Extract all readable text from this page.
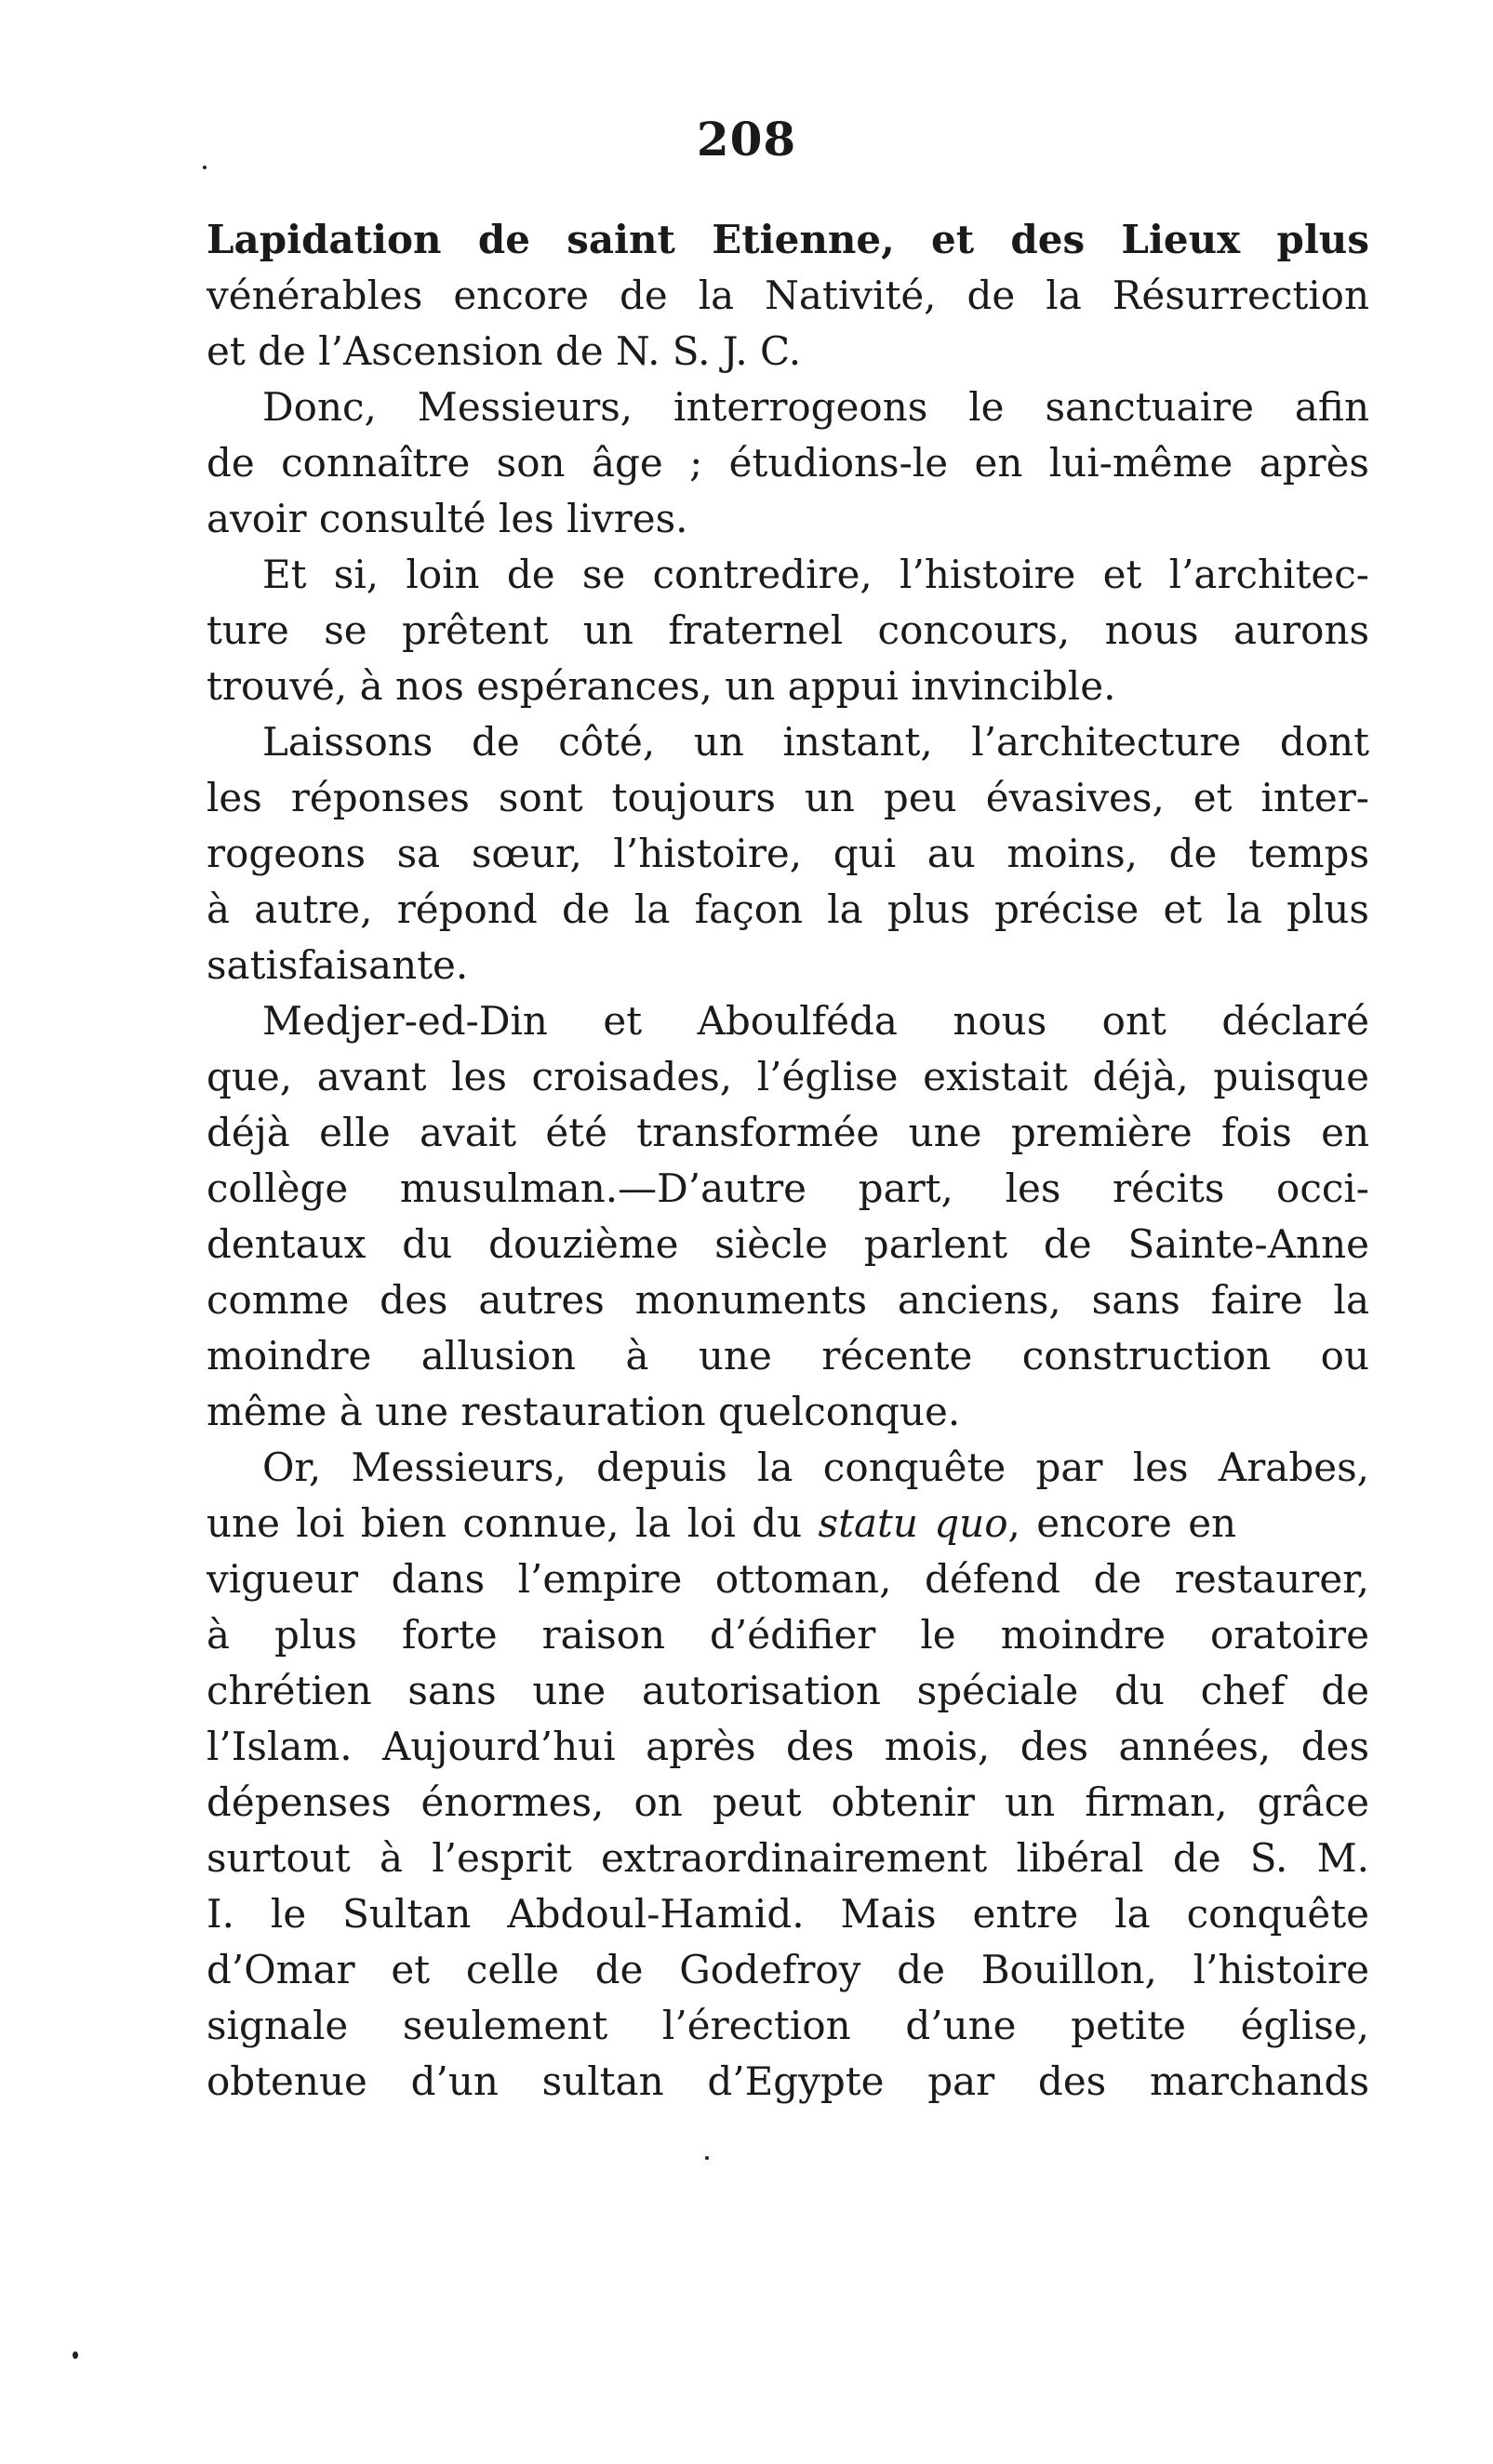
208
Lapidation de saint Etienne, et des Lieux plus
vénérables encore de la Nativité, de la Résurrection
et de l’Ascension de N. S. J. C.
Donc, Messieurs, interrogeons le sanctuaire afin
de connaître son âge ; étudions-le en lui-même après
avoir consulté les livres.
Et si, loin de se contredire, l’histoire et l’architec-
ture se prêtent un fraternel concours, nous aurons
trouvé, à nos espérances, un appui invincible.
Laissons de côté, un instant, l’architecture dont
les réponses sont toujours un peu évasives, et inter-
rogeons sa sœur, l’histoire, qui au moins, de temps
à autre, répond de la façon la plus précise et la plus
satisfaisante.
Medjer-ed-Din et Aboulféda nous ont déclaré
que, avant les croisades, l’église existait déjà, puisque
déjà elle avait été transformée une première fois en
collège musulman.—D’autre part, les récits occi-
dentaux du douzième siècle parlent de Sainte-Anne
comme des autres monuments anciens, sans faire la
moindre allusion à une récente construction ou
même à une restauration quelconque.
Or, Messieurs, depuis la conquête par les Arabes,
une loi bien connue, la loi du statu quo, encore en
vigueur dans l’empire ottoman, défend de restaurer,
à plus forte raison d’édifier le moindre oratoire
chrétien sans une autorisation spéciale du chef de
l’Islam. Aujourd’hui après des mois, des années, des
dépenses énormes, on peut obtenir un firman, grâce
surtout à l’esprit extraordinairement libéral de S. M.
I. le Sultan Abdoul-Hamid. Mais entre la conquête
d’Omar et celle de Godefroy de Bouillon, l’histoire
signale seulement l’érection d’une petite église,
obtenue d’un sultan d’Egypte par des marchands
